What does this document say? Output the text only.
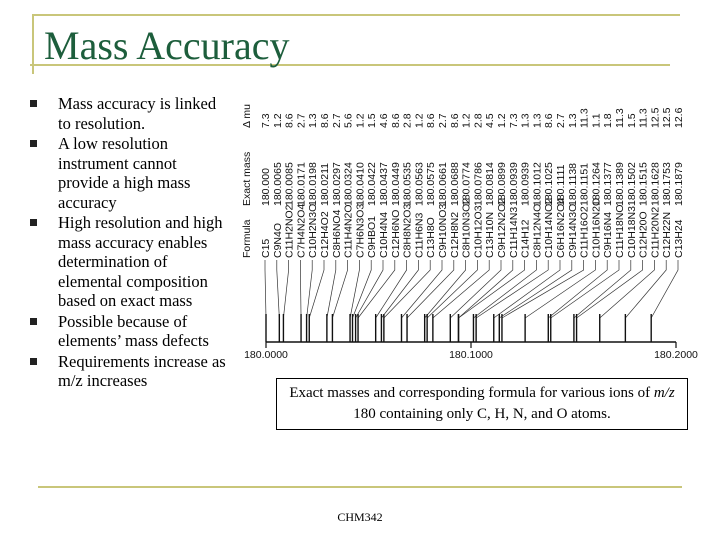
Mass Accuracy
Mass accuracy is linked to resolution.
A low resolution instrument cannot provide a high mass accuracy
High resolution and high mass accuracy enables determination of elemental composition based on exact mass
Possible because of elements’ mass defects
Requirements increase as m/z increases
Formula
Exact mass
Δ mu
C15
180.000
7.3
C9N4O
180.0065
1.2
C11H2NO2
180.0085
8.6
C7H4N2O4
180.0171
2.7
C10H2N3O
180.0198
1.3
C12H4O2
180.0211
8.6
C8H6NO4
180.0297
2.7
C11H4N2O
180.0324
5.6
C7H6N3O3
180.0410
1.2
C9HBO1
180.0422
1.5
C10H4N4
180.0437
4.6
C12H6NO
180.0449
8.6
C8H8N2O3
180.0535
2.8
C11H6N3
180.0563
1.2
C13H8O
180.0575
8.6
C9H10NO3
180.0661
2.7
C12H8N2
180.0688
8.6
C8H10N3O2
180.0774
1.2
C10H12O3
180.0786
2.8
C13H10N
180.0814
4.5
C9H12N2O2
180.0899
1.2
C11H14N3
180.0939
7.3
C14H12
180.0939
1.3
C8H12N4O
180.1012
1.3
C10H14NO2
180.1025
8.6
C6H16N2O4
180.1111
2.7
C9H14N3O
180.1138
1.3
C11H16O2
180.1151
11.3
C10H16N2O
180.1264
1.1
C9H16N4
180.1377
1.8
C11H18NO
180.1389
11.3
C10H18N3
180.1502
1.5
C12H20O
180.1515
11.3
C11H20N2
180.1628
12.5
C12H22N
180.1753
12.5
C13H24
180.1879
12.6
180.0000	180.1000	180.2000
Exact masses and corresponding formula for various ions of m/z 180 containing only C, H, N, and O atoms.
CHM342
